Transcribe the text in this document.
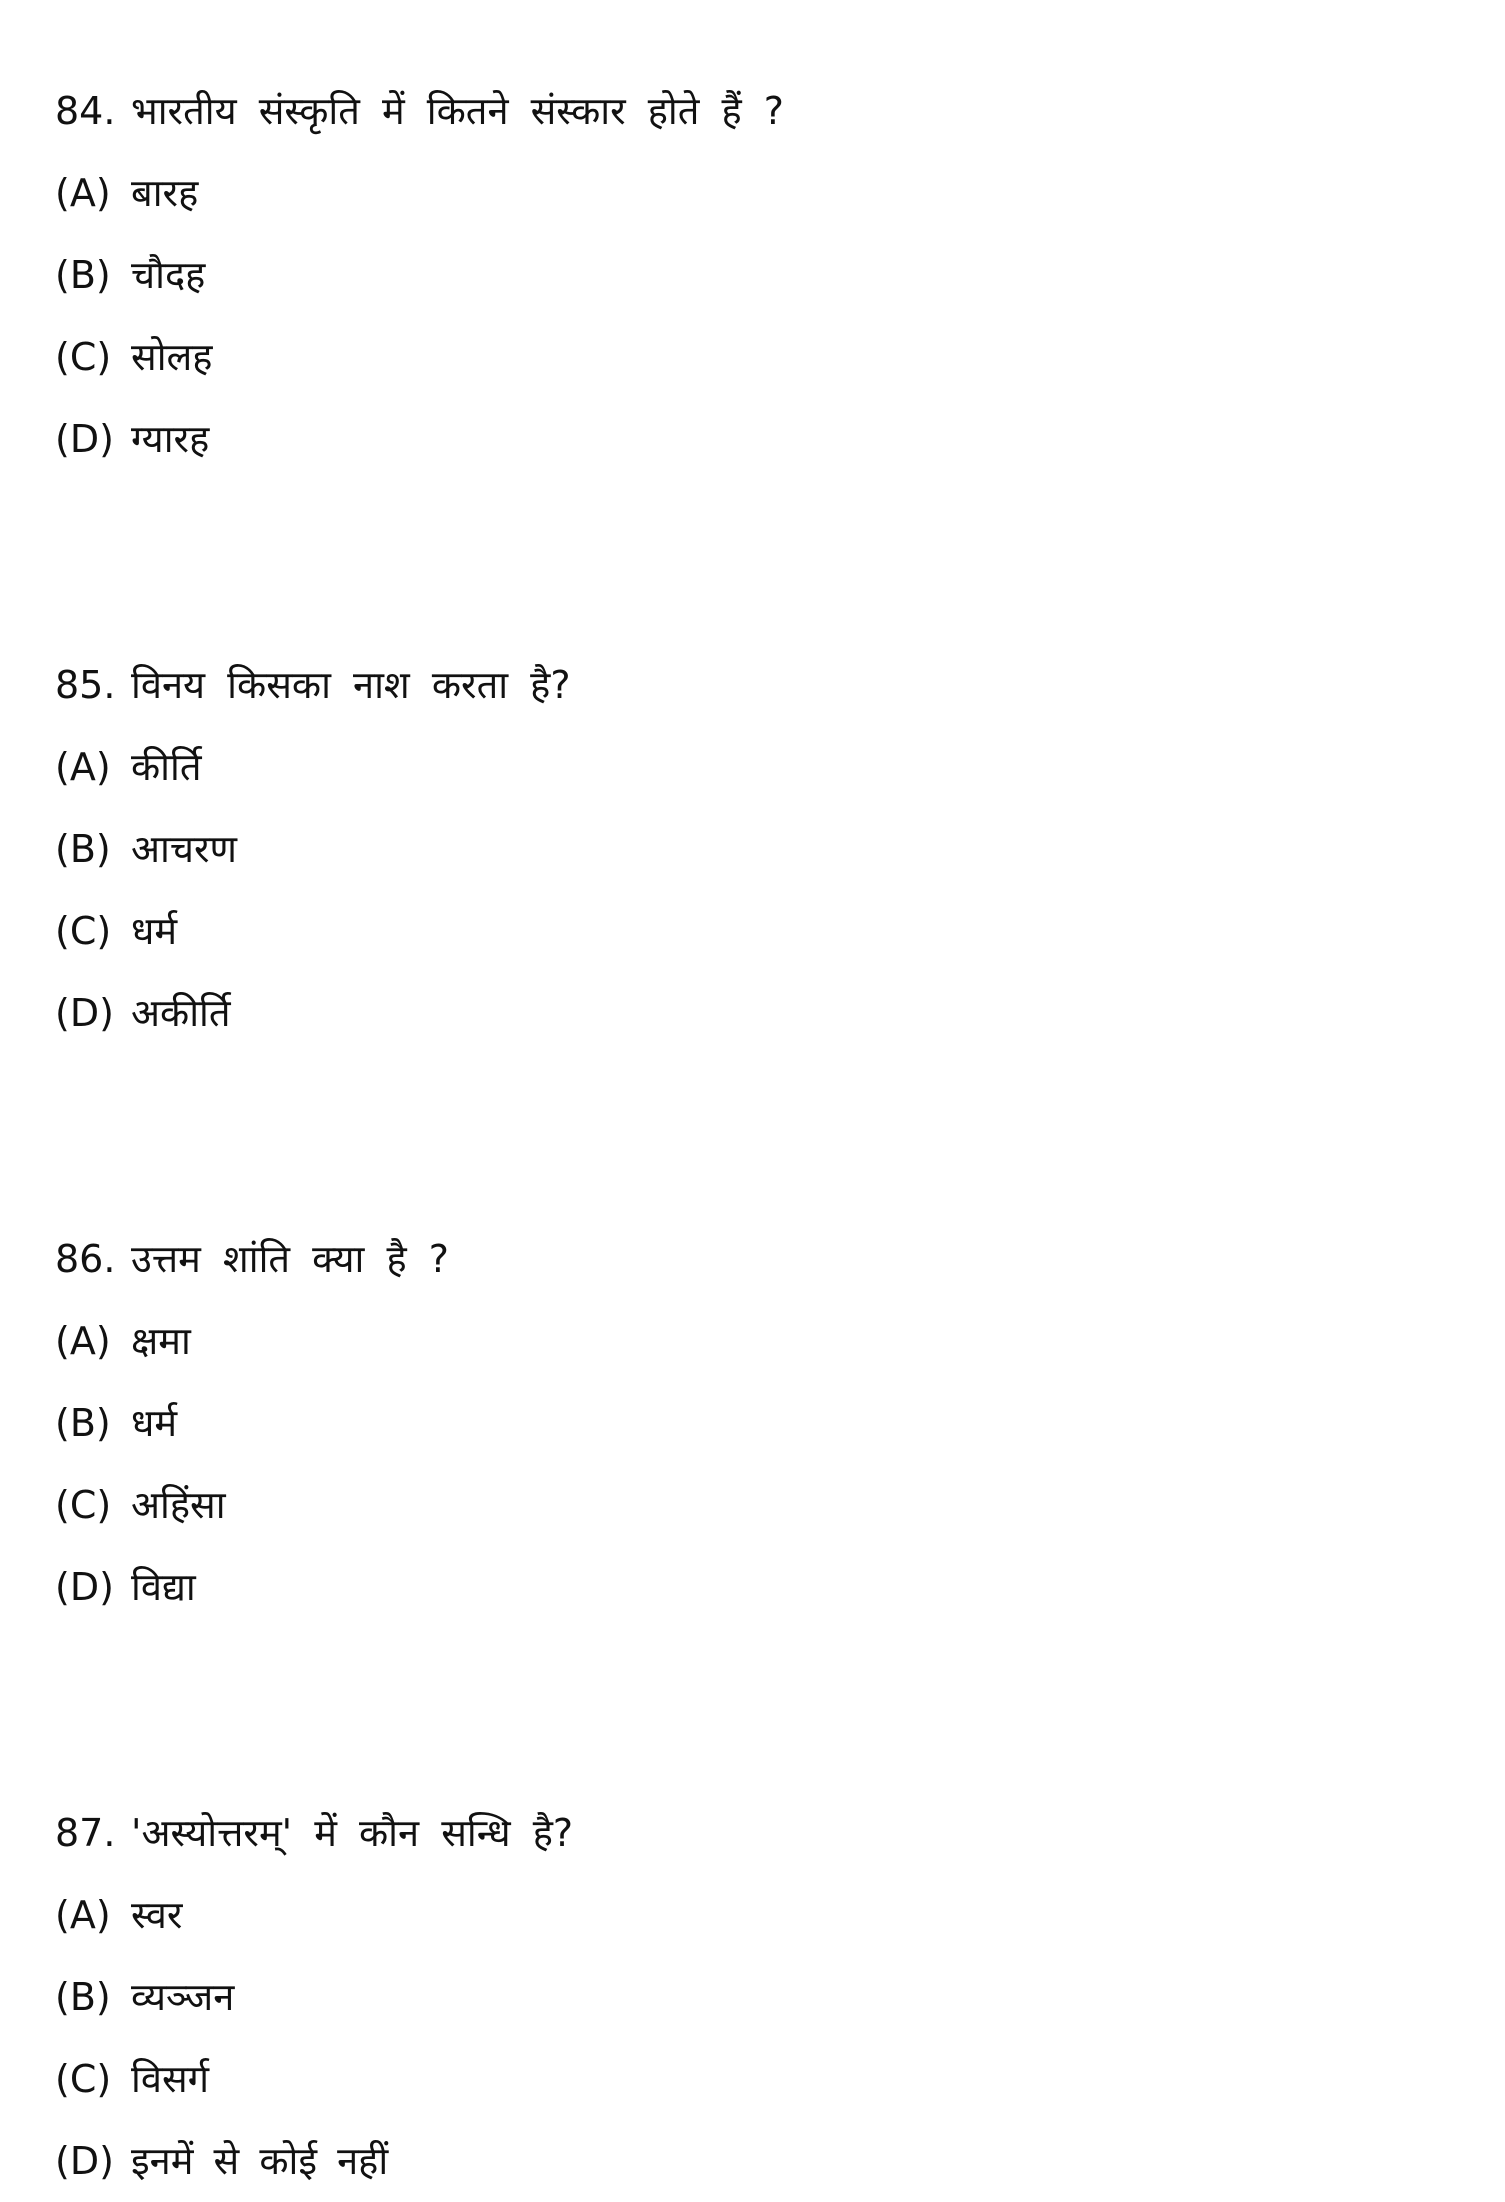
84. भारतीय संस्कृति में कितने संस्कार होते हैं ?
(A) बारह
(B) चौदह
(C) सोलह
(D) ग्यारह
85. विनय किसका नाश करता है?
(A) कीर्ति
(B) आचरण
(C) धर्म
(D) अकीर्ति
86. उत्तम शांति क्या है ?
(A) क्षमा
(B) धर्म
(C) अहिंसा
(D) विद्या
87. 'अस्योत्तरम्' में कौन सन्धि है?
(A) स्वर
(B) व्यञ्जन
(C) विसर्ग
(D) इनमें से कोई नहीं
